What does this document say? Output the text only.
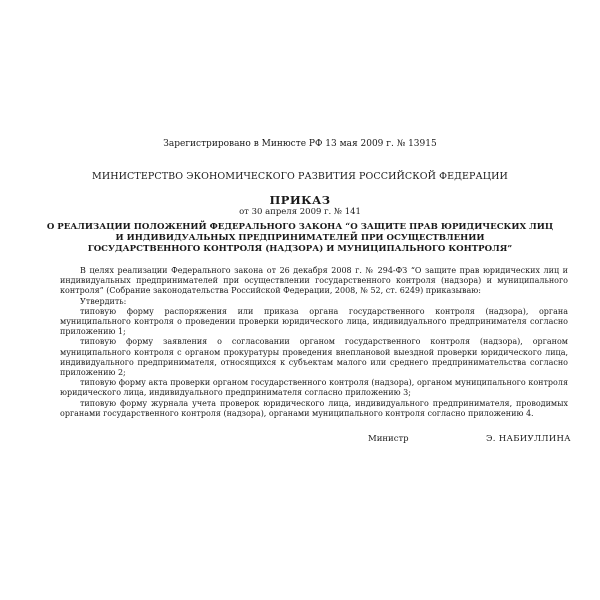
Зарегистрировано в Минюсте РФ 13 мая 2009 г. № 13915
МИНИСТЕРСТВО ЭКОНОМИЧЕСКОГО РАЗВИТИЯ РОССИЙСКОЙ ФЕДЕРАЦИИ
ПРИКАЗ
от 30 апреля 2009 г. № 141
О РЕАЛИЗАЦИИ ПОЛОЖЕНИЙ ФЕДЕРАЛЬНОГО ЗАКОНА “О ЗАЩИТЕ ПРАВ ЮРИДИЧЕСКИХ ЛИЦ
И ИНДИВИДУАЛЬНЫХ ПРЕДПРИНИМАТЕЛЕЙ ПРИ ОСУЩЕСТВЛЕНИИ
ГОСУДАРСТВЕННОГО КОНТРОЛЯ (НАДЗОРА) И МУНИЦИПАЛЬНОГО КОНТРОЛЯ”

В целях реализации Федерального закона от 26 декабря 2008 г. № 294-ФЗ “О защите прав юридических лиц и индивидуальных предпринимателей при осуществлении государственного контроля (надзора) и муниципального контроля” (Собрание законодательства Российской Федерации, 2008, № 52, ст. 6249) приказываю:

Утвердить:

типовую форму распоряжения или приказа органа государственного контроля (надзора), органа муниципального контроля о проведении проверки юридического лица, индивидуального предпринимателя согласно приложению 1;

типовую форму заявления о согласовании органом государственного контроля (надзора), органом муниципального контроля с органом прокуратуры проведения внеплановой выездной проверки юридического лица, индивидуального предпринимателя, относящихся к субъектам малого или среднего предпринимательства согласно приложению 2;

типовую форму акта проверки органом государственного контроля (надзора), органом муниципального контроля юридического лица, индивидуального предпринимателя согласно приложению 3;

типовую форму журнала учета проверок юридического лица, индивидуального предпринимателя, проводимых органами государственного контроля (надзора), органами муниципального контроля согласно приложению 4.

Министр	Э. НАБИУЛЛИНА
